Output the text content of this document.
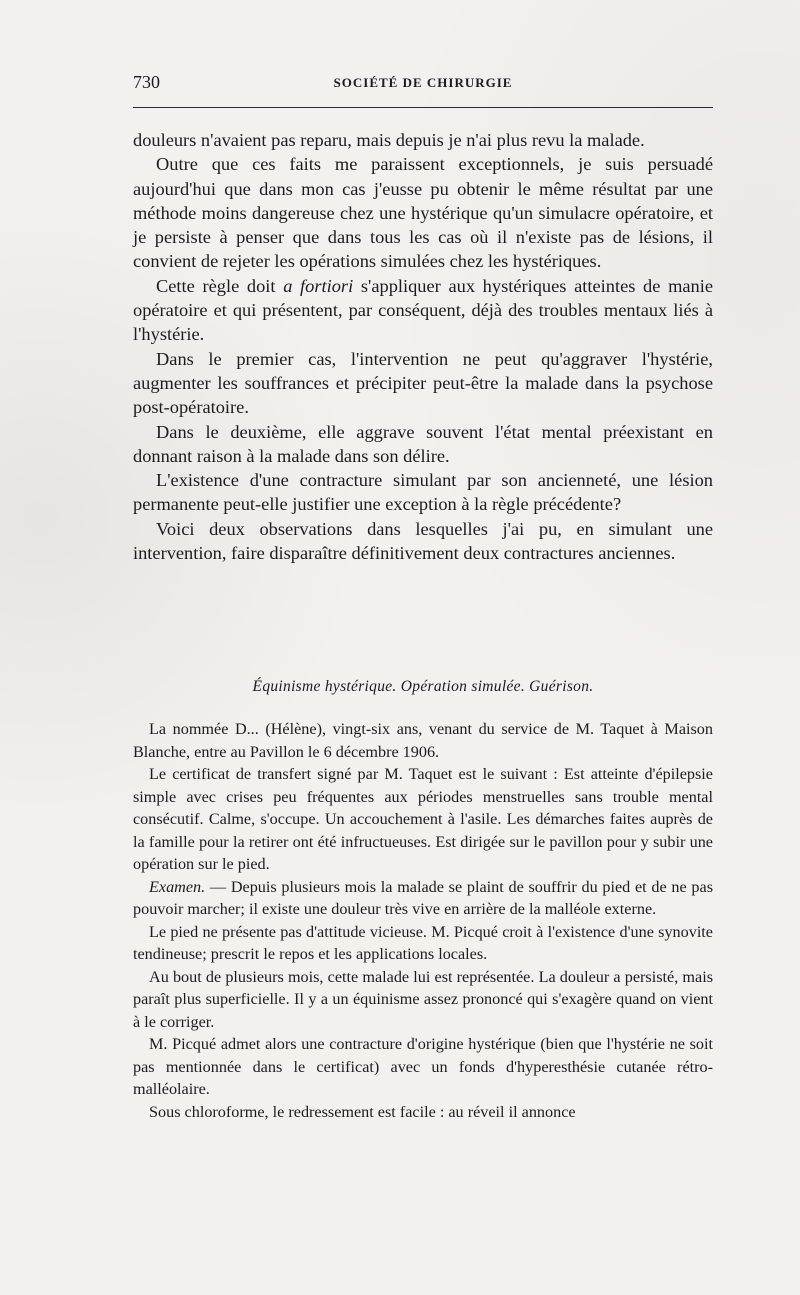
730	SOCIÉTÉ DE CHIRURGIE

douleurs n'avaient pas reparu, mais depuis je n'ai plus revu la malade.

Outre que ces faits me paraissent exceptionnels, je suis persuadé aujourd'hui que dans mon cas j'eusse pu obtenir le même résultat par une méthode moins dangereuse chez une hystérique qu'un simulacre opératoire, et je persiste à penser que dans tous les cas où il n'existe pas de lésions, il convient de rejeter les opérations simulées chez les hystériques.

Cette règle doit a fortiori s'appliquer aux hystériques atteintes de manie opératoire et qui présentent, par conséquent, déjà des troubles mentaux liés à l'hystérie.

Dans le premier cas, l'intervention ne peut qu'aggraver l'hystérie, augmenter les souffrances et précipiter peut-être la malade dans la psychose post-opératoire.

Dans le deuxième, elle aggrave souvent l'état mental préexistant en donnant raison à la malade dans son délire.

L'existence d'une contracture simulant par son ancienneté, une lésion permanente peut-elle justifier une exception à la règle précédente?

Voici deux observations dans lesquelles j'ai pu, en simulant une intervention, faire disparaître définitivement deux contractures anciennes.

Équinisme hystérique. Opération simulée. Guérison.

La nommée D... (Hélène), vingt-six ans, venant du service de M. Taquet à Maison Blanche, entre au Pavillon le 6 décembre 1906.

Le certificat de transfert signé par M. Taquet est le suivant : Est atteinte d'épilepsie simple avec crises peu fréquentes aux périodes menstruelles sans trouble mental consécutif. Calme, s'occupe. Un accouchement à l'asile. Les démarches faites auprès de la famille pour la retirer ont été infructueuses. Est dirigée sur le pavillon pour y subir une opération sur le pied.

Examen. — Depuis plusieurs mois la malade se plaint de souffrir du pied et de ne pas pouvoir marcher; il existe une douleur très vive en arrière de la malléole externe.

Le pied ne présente pas d'attitude vicieuse. M. Picqué croit à l'existence d'une synovite tendineuse; prescrit le repos et les applications locales.

Au bout de plusieurs mois, cette malade lui est représentée. La douleur a persisté, mais paraît plus superficielle. Il y a un équinisme assez prononcé qui s'exagère quand on vient à le corriger.

M. Picqué admet alors une contracture d'origine hystérique (bien que l'hystérie ne soit pas mentionnée dans le certificat) avec un fonds d'hyperesthésie cutanée rétro-malléolaire.

Sous chloroforme, le redressement est facile : au réveil il annonce
